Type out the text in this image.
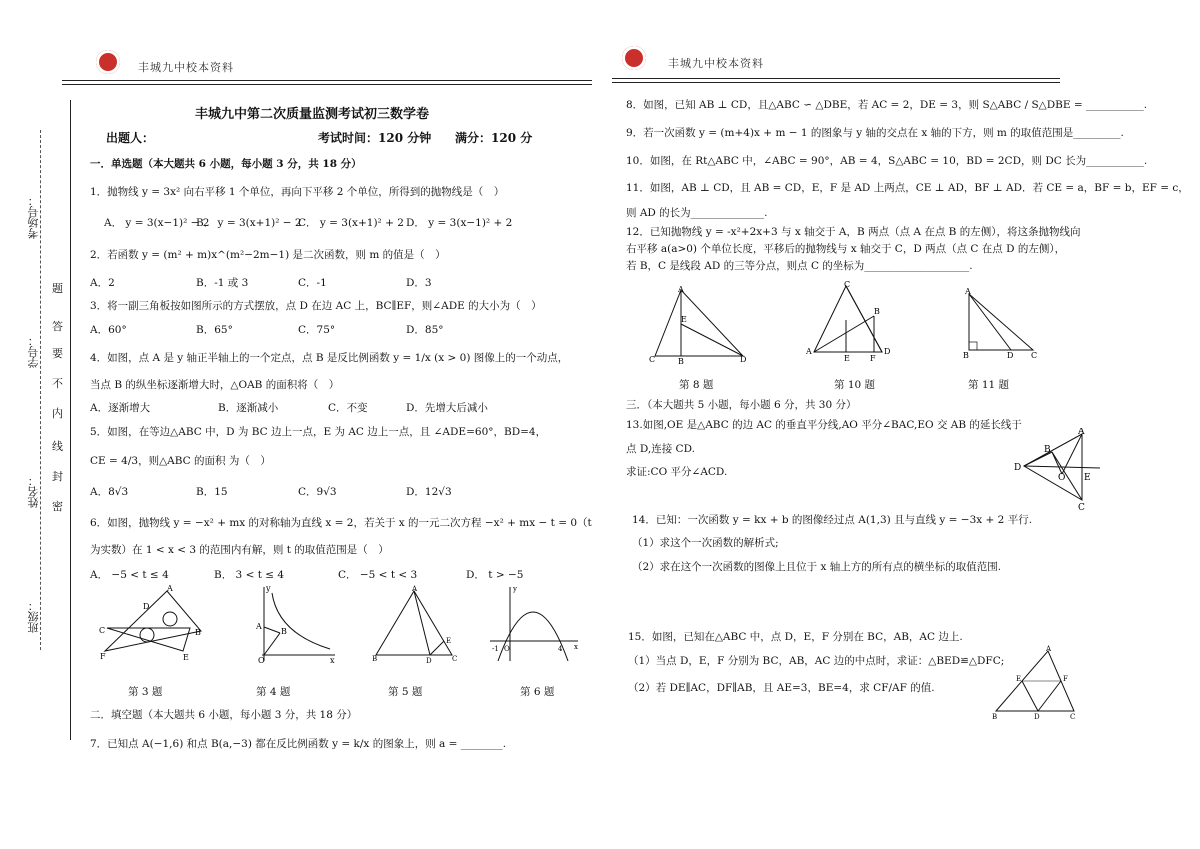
丰城九中校本资料
考场号：
学号：
姓名：
班级：
题
答
要
不
内
线
封
密
丰城九中第二次质量监测考试初三数学卷
出题人：	考试时间：120 分钟 满分：120 分
一．单选题（本大题共 6 小题，每小题 3 分，共 18 分）
1．抛物线 y = 3x² 向右平移 1 个单位，再向下平移 2 个单位，所得到的抛物线是（　）
A． y = 3(x−1)² − 2
B． y = 3(x+1)² − 2
C． y = 3(x+1)² + 2 D． y = 3(x−1)² + 2
2．若函数 y = (m² + m)x^(m²−2m−1) 是二次函数，则 m 的值是（　）
A．2	B．-1 或 3	C．-1	D．3
3．将一副三角板按如图所示的方式摆放，点 D 在边 AC 上，BC∥EF，则∠ADE 的大小为（　）
A．60°	B．65°	C．75°	D．85°
4．如图，点 A 是 y 轴正半轴上的一个定点，点 B 是反比例函数 y = 1/x (x > 0) 图像上的一个动点，
当点 B 的纵坐标逐渐增大时，△OAB 的面积将（　）
A．逐渐增大	B．逐渐减小	C．不变	D．先增大后减小
5．如图，在等边△ABC 中，D 为 BC 边上一点，E 为 AC 边上一点，且 ∠ADE=60°，BD=4，
CE = 4/3，则△ABC 的面积 为（　）
A．8√3	B．15	C．9√3	D．12√3
6．如图，抛物线 y = −x² + mx 的对称轴为直线 x = 2，若关于 x 的一元二次方程 −x² + mx − t = 0（t
为实数）在 1 < x < 3 的范围内有解，则 t 的取值范围是（　）
A． −5 < t ≤ 4	B． 3 < t ≤ 4	C． −5 < t < 3	D． t > −5
C	B
A
D
F	E
A
B
O	x
y	A
B	D	C
E
-1 O	4 x
y
第 3 题	第 4 题	第 5 题	第 6 题
二．填空题（本大题共 6 小题，每小题 3 分，共 18 分）
7．已知点 A(−1,6) 和点 B(a,−3) 都在反比例函数 y = k/x 的图象上，则 a = ________.
丰城九中校本资料
8．如图，已知 AB ⊥ CD，且△ABC ∽ △DBE，若 AC = 2，DE = 3，则 S△ABC / S△DBE = ___________.
9．若一次函数 y = (m+4)x + m − 1 的图象与 y 轴的交点在 x 轴的下方，则 m 的取值范围是_________.
10．如图，在 Rt△ABC 中，∠ABC = 90°，AB = 4，S△ABC = 10，BD = 2CD，则 DC 长为___________.
11．如图，AB ⊥ CD，且 AB = CD，E，F 是 AD 上两点，CE ⊥ AD，BF ⊥ AD．若 CE = a，BF = b，EF = c，
则 AD 的长为______________.
12．已知抛物线 y = -x²+2x+3 与 x 轴交于 A，B 两点（点 A 在点 B 的左侧），将这条抛物线向
右平移 a(a>0) 个单位长度，平移后的抛物线与 x 轴交于 C，D 两点（点 C 在点 D 的左侧），
若 B，C 是线段 AD 的三等分点，则点 C 的坐标为____________________.
A
C	B	D
E
C
A
E	F
D
B
A
B	D C
第 8 题	第 10 题	第 11 题
三．（本大题共 5 小题，每小题 6 分，共 30 分）
13.如图,OE 是△ABC 的边 AC 的垂直平分线,AO 平分∠BAC,EO 交 AB 的延长线于
点 D,连接 CD.
求证:CO 平分∠ACD.	D
B
A
O E
C
14．已知：一次函数 y = kx + b 的图像经过点 A(1,3) 且与直线 y = −3x + 2 平行.
（1）求这个一次函数的解析式;
（2）求在这个一次函数的图像上且位于 x 轴上方的所有点的横坐标的取值范围.
15．如图，已知在△ABC 中，点 D，E，F 分别在 BC，AB，AC 边上.
（1）当点 D，E，F 分别为 BC，AB，AC 边的中点时，求证：△BED≌△DFC;
（2）若 DE∥AC，DF∥AB，且 AE=3，BE=4，求 CF/AF 的值.
A
B	D	C
E	F
